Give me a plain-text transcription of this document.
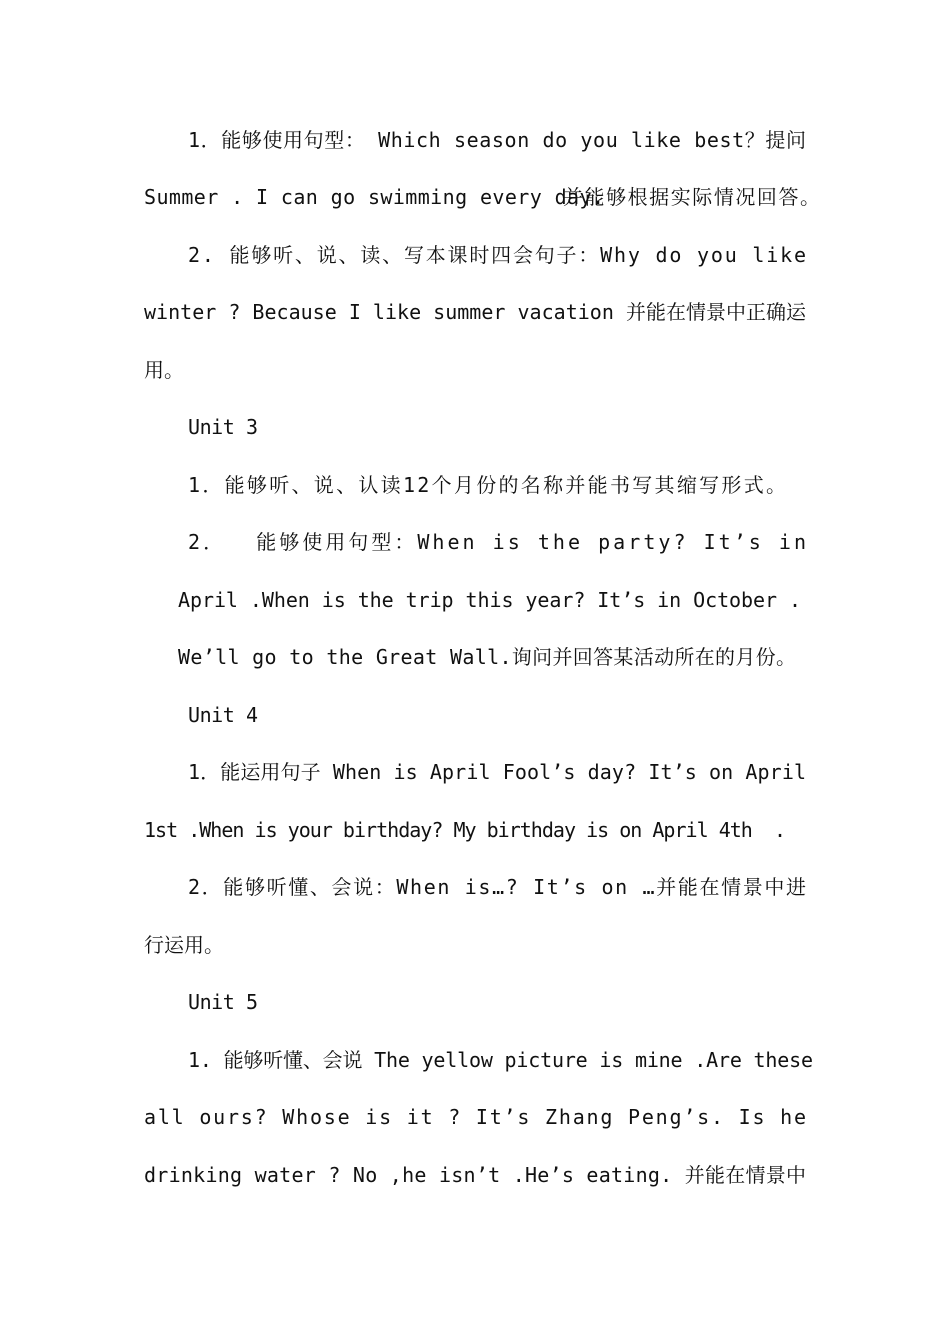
1．能够使用句型： Which season do you like best？提问
Summer . I can go swimming every day.
并能够根据实际情况回答。
2. 能够听、说、读、写本课时四会句子：Why do you like
winter ? Because I like summer vacation 并能在情景中正确运
用。
Unit 3
1．能够听、说、认读12个月份的名称并能书写其缩写形式。
2．  能够使用句型：When is the party? It’s in
April .When is the trip this year? It’s in October .
We’ll go to the Great Wall.询问并回答某活动所在的月份。
Unit 4
1．能运用句子 When is April Fool’s day? It’s on April
1st .When is your birthday? My birthday is on April 4th  .
2．能够听懂、会说：When is…? It’s on …并能在情景中进
行运用。
Unit 5
1. 能够听懂、会说 The yellow picture is mine .Are these
all ours? Whose is it ? It’s Zhang Peng’s. Is he
drinking water ? No ,he isn’t .He’s eating. 并能在情景中
